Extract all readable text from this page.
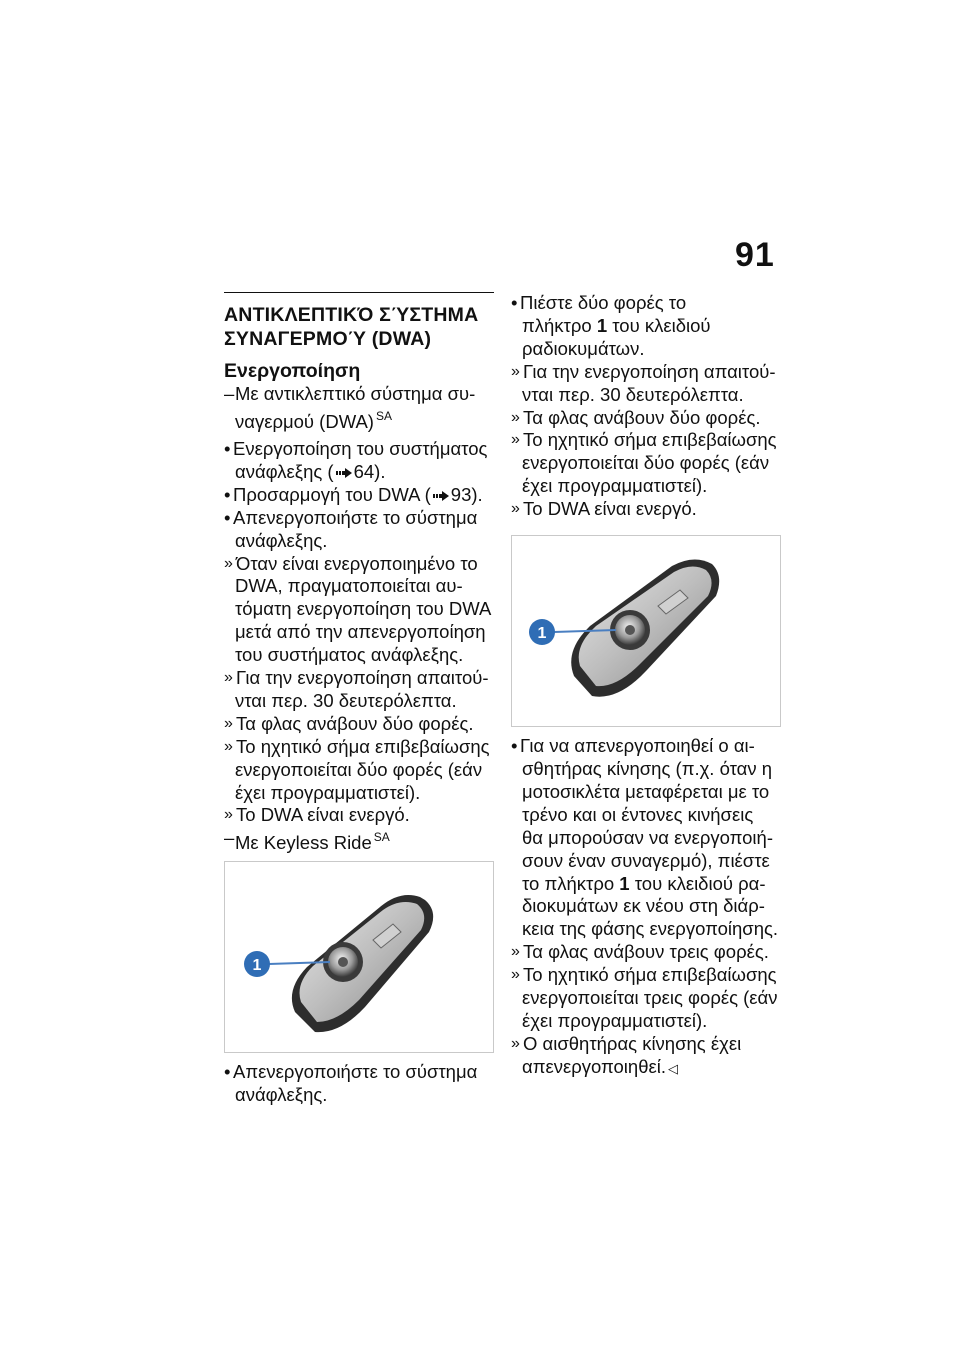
91
ΑΝΤΙΚΛΕΠΤΙΚΌ ΣΎΣΤΗΜΑ
ΣΥΝΑΓΕΡΜΟΎ (DWA)
Ενεργοποίηση
– Με αντικλεπτικό σύστημα συ-
ναγερμού (DWA) $^{SA}$
• Ενεργοποίηση του συστήματος
ανάφλεξης ( 64).
• Προσαρμογή του DWA ( 93).
• Απενεργοποιήστε το σύστημα
ανάφλεξης.
» Όταν είναι ενεργοποιημένο το
DWA, πραγματοποιείται αυ-
τόματη ενεργοποίηση του DWA
μετά από την απενεργοποίηση
του συστήματος ανάφλεξης.
» Για την ενεργοποίηση απαιτού-
νται περ. 30 δευτερόλεπτα.
» Τα φλας ανάβουν δύο φορές.
» Το ηχητικό σήμα επιβεβαίωσης
ενεργοποιείται δύο φορές (εάν
έχει προγραμματιστεί).
» Το DWA είναι ενεργό.
– Με Keyless Ride $^{SA}$
1
• Απενεργοποιήστε το σύστημα
ανάφλεξης.
• Πιέστε δύο φορές το
πλήκτρο 1 του κλειδιού
ραδιοκυμάτων.
» Για την ενεργοποίηση απαιτού-
νται περ. 30 δευτερόλεπτα.
» Τα φλας ανάβουν δύο φορές.
» Το ηχητικό σήμα επιβεβαίωσης
ενεργοποιείται δύο φορές (εάν
έχει προγραμματιστεί).
» Το DWA είναι ενεργό.
1
• Για να απενεργοποιηθεί ο αι-
σθητήρας κίνησης (π.χ. όταν η
μοτοσικλέτα μεταφέρεται με το
τρένο και οι έντονες κινήσεις
θα μπορούσαν να ενεργοποιή-
σουν έναν συναγερμό), πιέστε
το πλήκτρο 1 του κλειδιού ρα-
διοκυμάτων εκ νέου στη διάρ-
κεια της φάσης ενεργοποίησης.
» Τα φλας ανάβουν τρεις φορές.
» Το ηχητικό σήμα επιβεβαίωσης
ενεργοποιείται τρεις φορές (εάν
έχει προγραμματιστεί).
» Ο αισθητήρας κίνησης έχει
απενεργοποιηθεί. ◁
